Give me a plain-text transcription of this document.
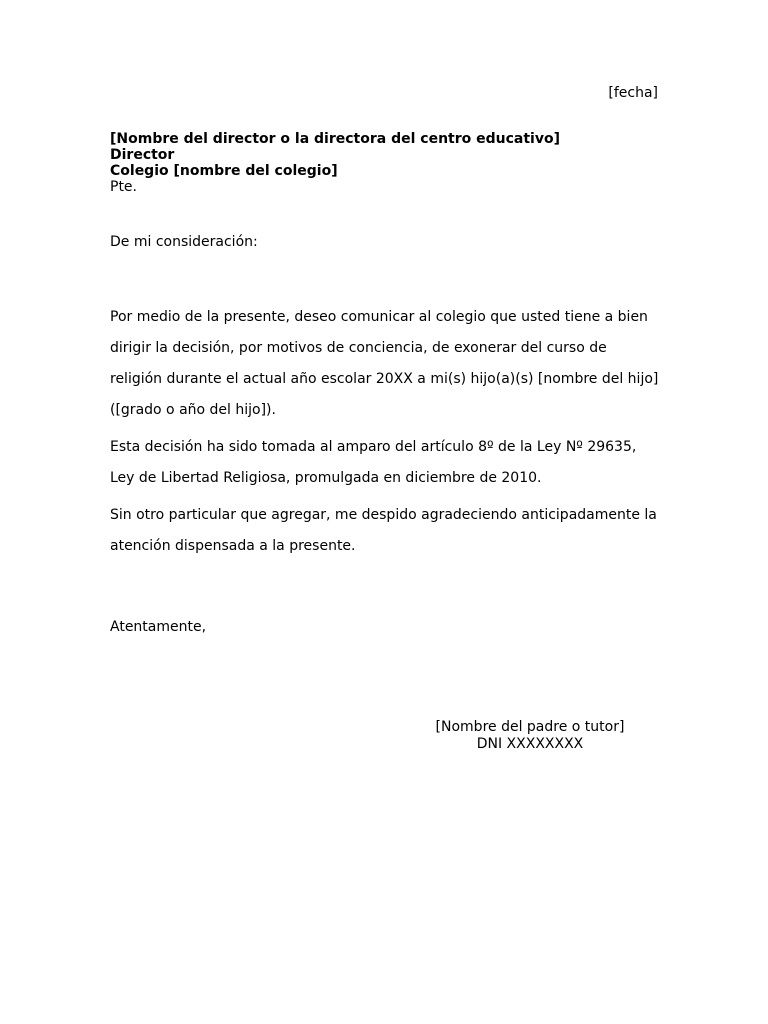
[fecha]
[Nombre del director o la directora del centro educativo]
Director
Colegio [nombre del colegio]
Pte.
De mi consideración:

Por medio de la presente, deseo comunicar al colegio que usted tiene a bien dirigir la decisión, por motivos de conciencia, de exonerar del curso de religión durante el actual año escolar 20XX a mi(s) hijo(a)(s) [nombre del hijo] ([grado o año del hijo]).

Esta decisión ha sido tomada al amparo del artículo 8º de la Ley Nº 29635, Ley de Libertad Religiosa, promulgada en diciembre de 2010.

Sin otro particular que agregar, me despido agradeciendo anticipadamente la atención dispensada a la presente.

Atentamente,
[Nombre del padre o tutor]
DNI XXXXXXXX
